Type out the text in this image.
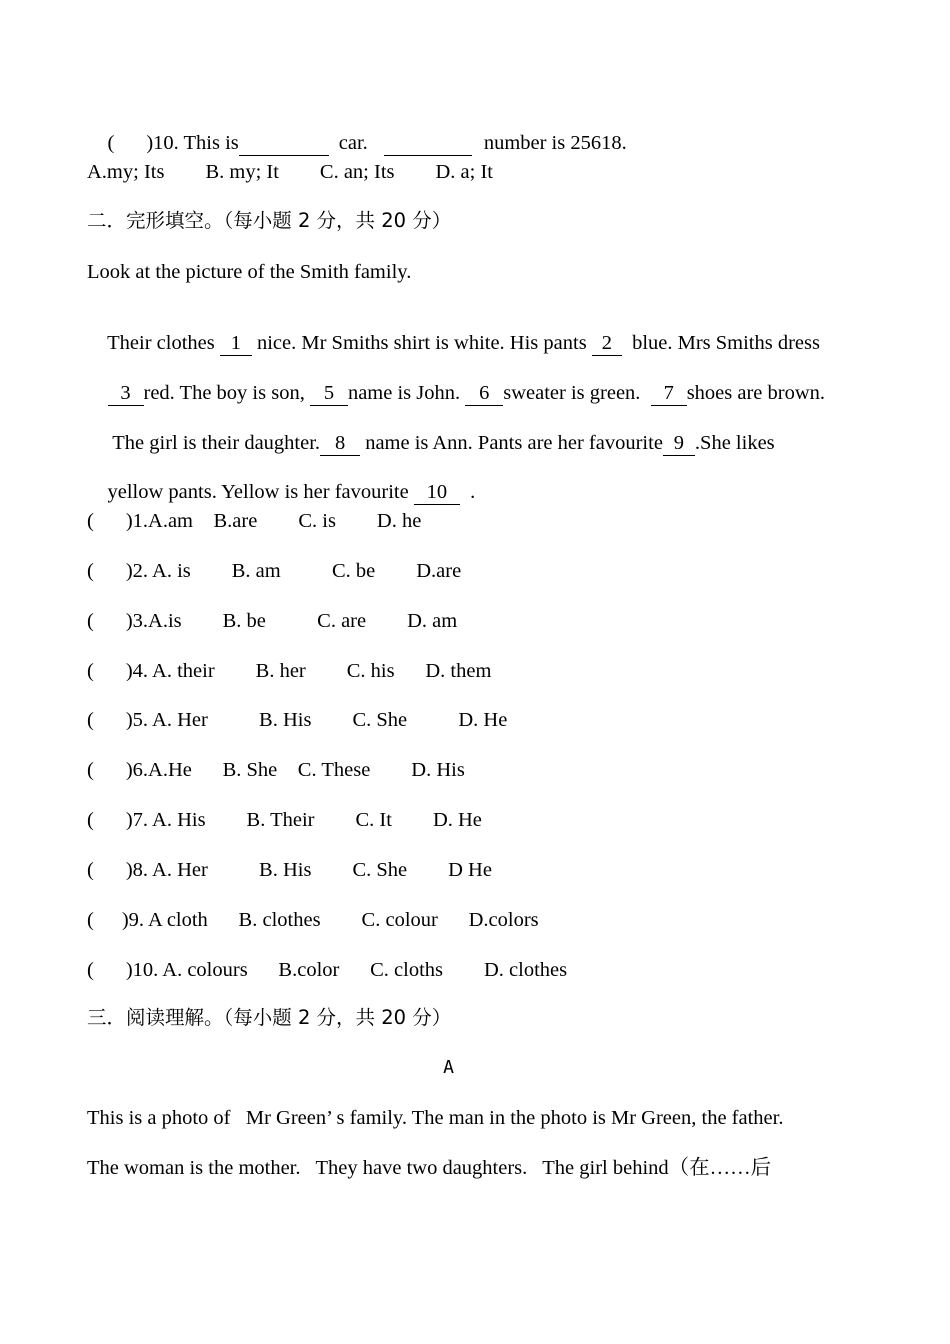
( )10. This is	car.	number is 25618.

A.my; Its        B. my; It        C. an; Its        D. a; It
二．完形填空。（每小题 2 分，共 20 分）
Look at the picture of the Smith family.

Their clothes 1 nice. Mr Smiths shirt is white. His pants 2  blue. Mrs Smiths dress

3 red. The boy is son, 5 name is John. 6 sweater is green.  7 shoes are brown.

The girl is their daughter. 8 name is Ann. Pants are her favourite 9 .She likes

yellow pants. Yellow is her favourite 10  .

( )1.A.am    B.are        C. is        D. he
( )2. A. is        B. am          C. be        D.are
( )3.A.is        B. be          C. are        D. am
( )4. A. their        B. her        C. his      D. them
( )5. A. Her          B. His        C. She          D. He
( )6.A.He      B. She    C. These        D. His
( )7. A. His        B. Their        C. It        D. He
( )8. A. Her          B. His        C. She        D He
( )9. A cloth      B. clothes        C. colour      D.colors
( )10. A. colours      B.color      C. cloths        D. clothes
三．阅读理解。（每小题 2 分，共 20 分）
A
This is a photo of   Mr Green’ s family. The man in the photo is Mr Green, the father.
The woman is the mother.   They have two daughters.   The girl behind（在……后
